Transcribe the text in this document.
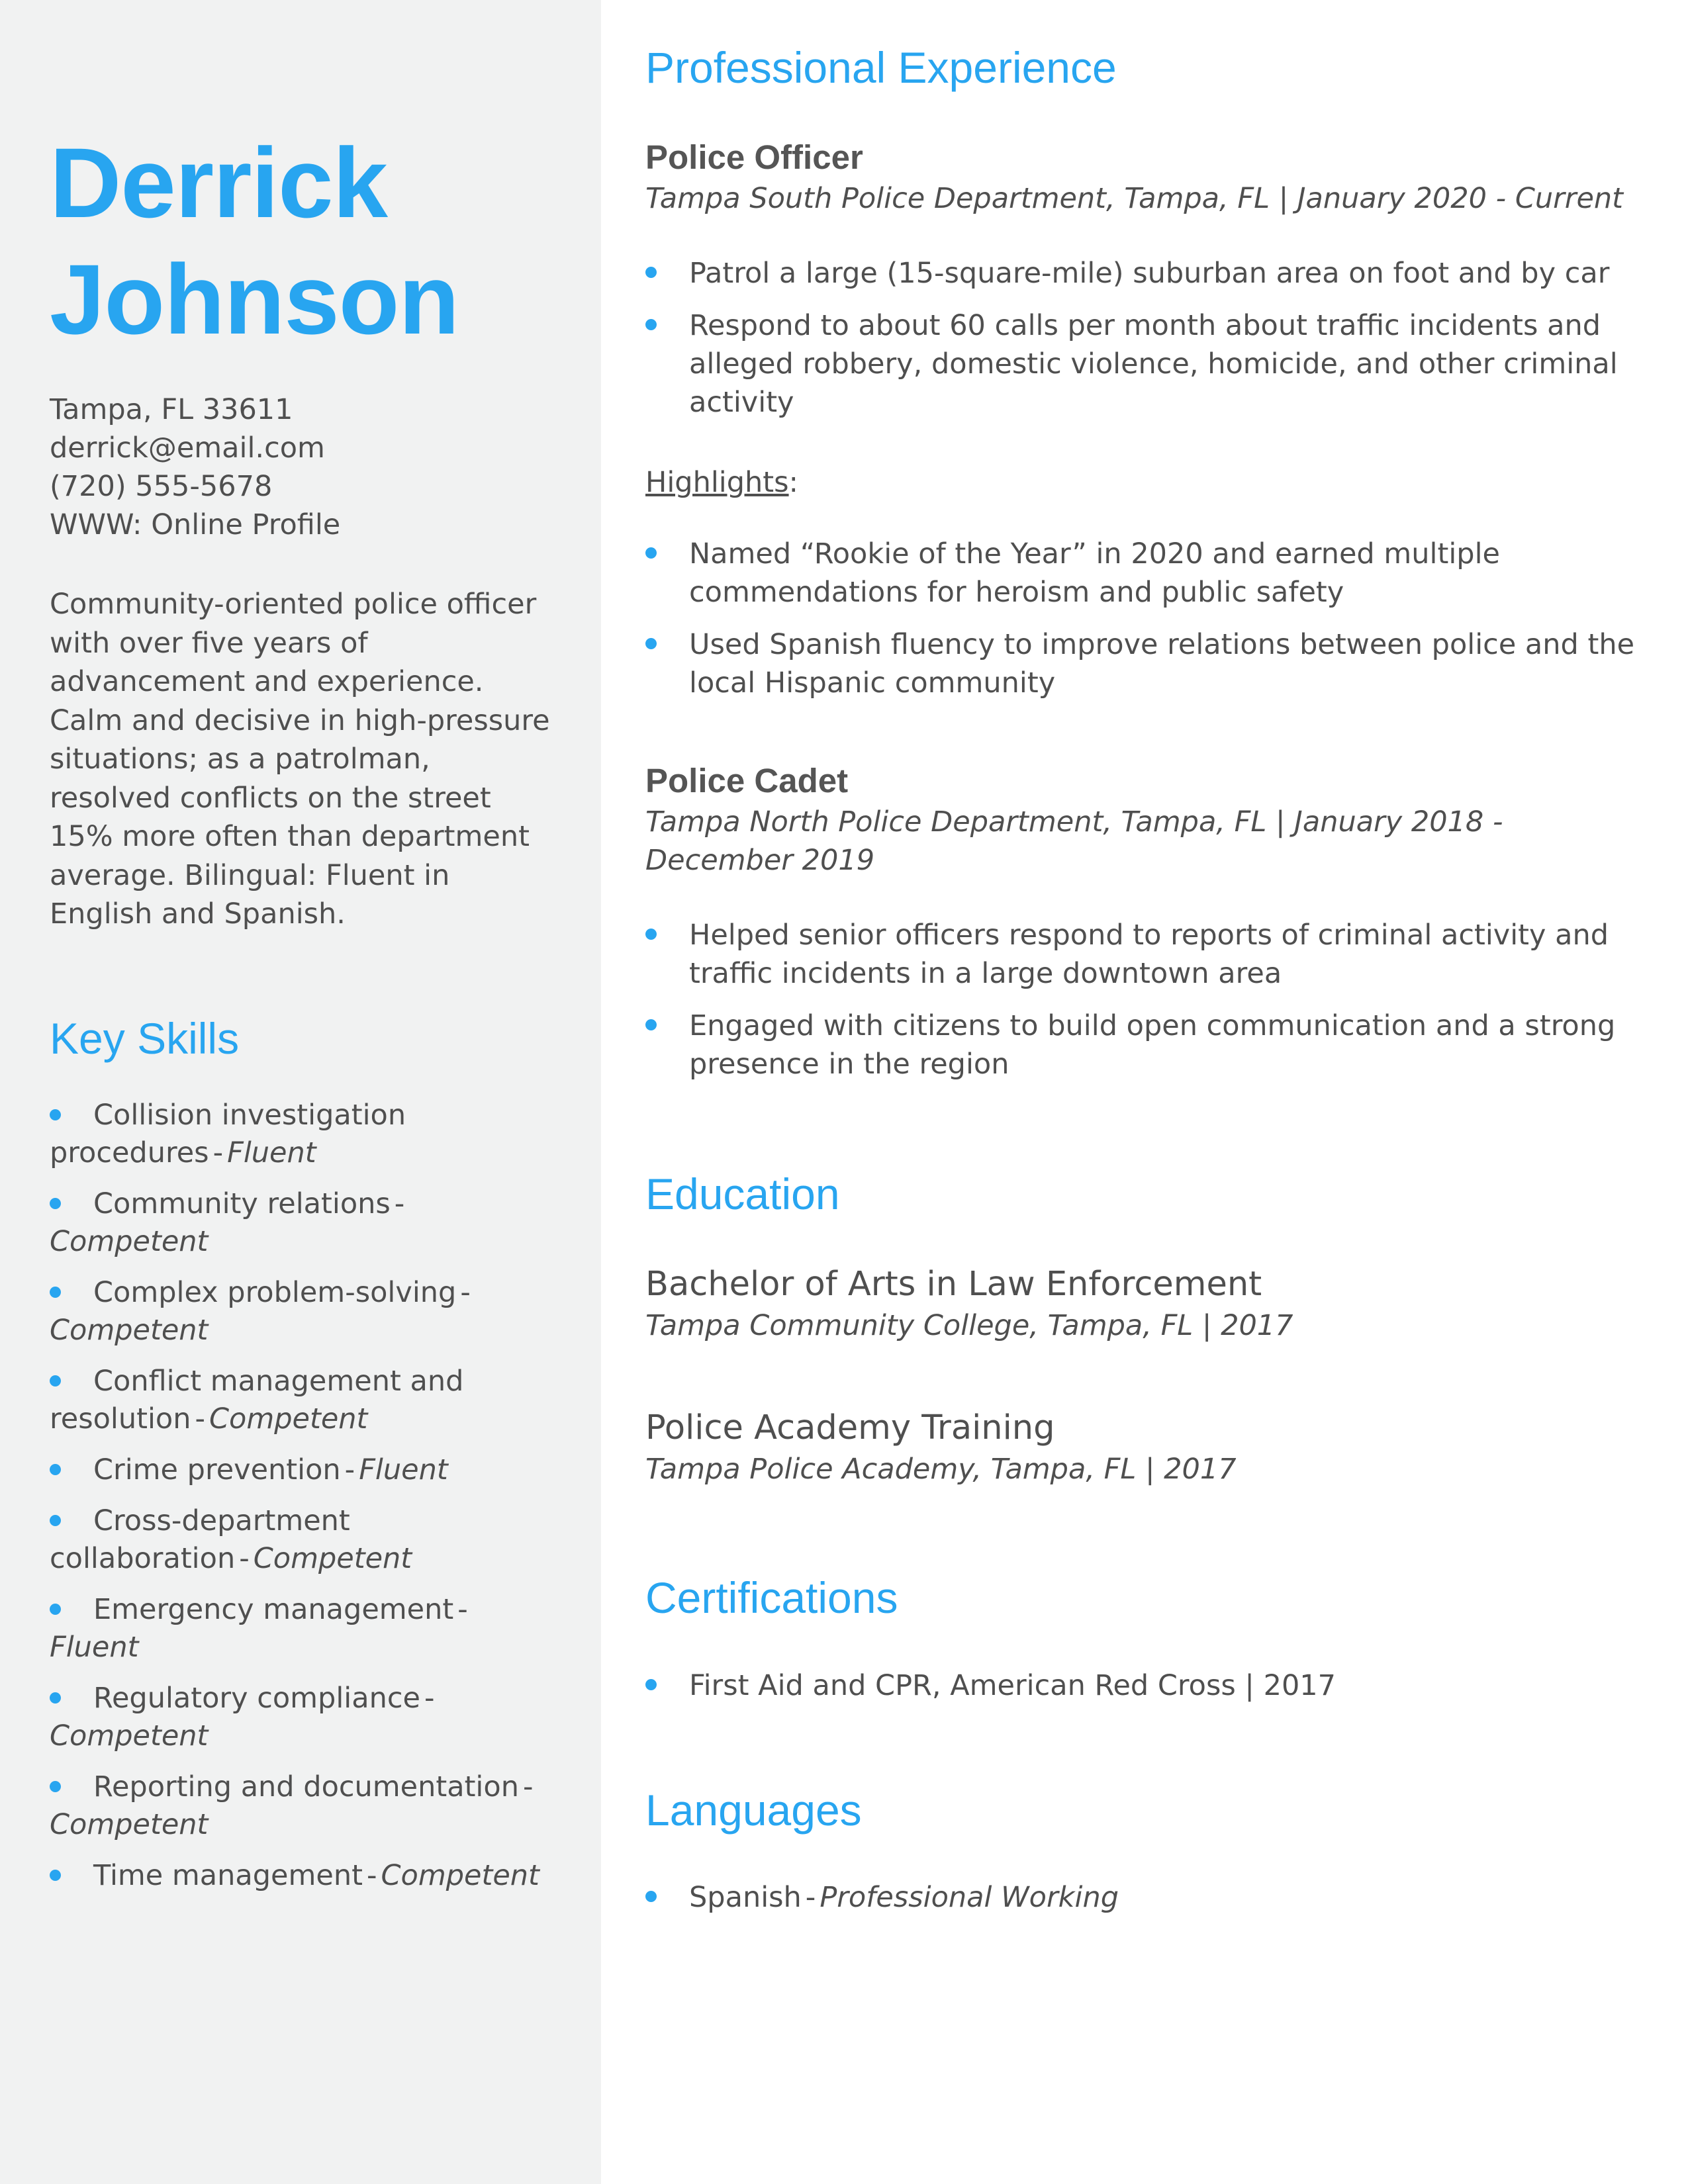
Derrick
Johnson
Tampa, FL 33611
derrick@email.com
(720) 555-5678
WWW: Online Profile
Community-oriented police officer
with over five years of
advancement and experience.
Calm and decisive in high-pressure
situations; as a patrolman,
resolved conflicts on the street
15% more often than department
average. Bilingual: Fluent in
English and Spanish.
Key Skills
Collision investigation
procedures - Fluent
Community relations -
Competent
Complex problem-solving -
Competent
Conflict management and
resolution - Competent
Crime prevention - Fluent
Cross-department
collaboration - Competent
Emergency management -
Fluent
Regulatory compliance -
Competent
Reporting and documentation -
Competent
Time management - Competent
Professional Experience
Police Officer
Tampa South Police Department, Tampa, FL | January 2020 - Current
Patrol a large (15-square-mile) suburban area on foot and by car
Respond to about 60 calls per month about traffic incidents and
alleged robbery, domestic violence, homicide, and other criminal
activity
Highlights:
Named “Rookie of the Year” in 2020 and earned multiple
commendations for heroism and public safety
Used Spanish fluency to improve relations between police and the
local Hispanic community
Police Cadet
Tampa North Police Department, Tampa, FL | January 2018 -
December 2019
Helped senior officers respond to reports of criminal activity and
traffic incidents in a large downtown area
Engaged with citizens to build open communication and a strong
presence in the region
Education
Bachelor of Arts in Law Enforcement
Tampa Community College, Tampa, FL | 2017
Police Academy Training
Tampa Police Academy, Tampa, FL | 2017
Certifications
First Aid and CPR, American Red Cross | 2017
Languages
Spanish - Professional Working
